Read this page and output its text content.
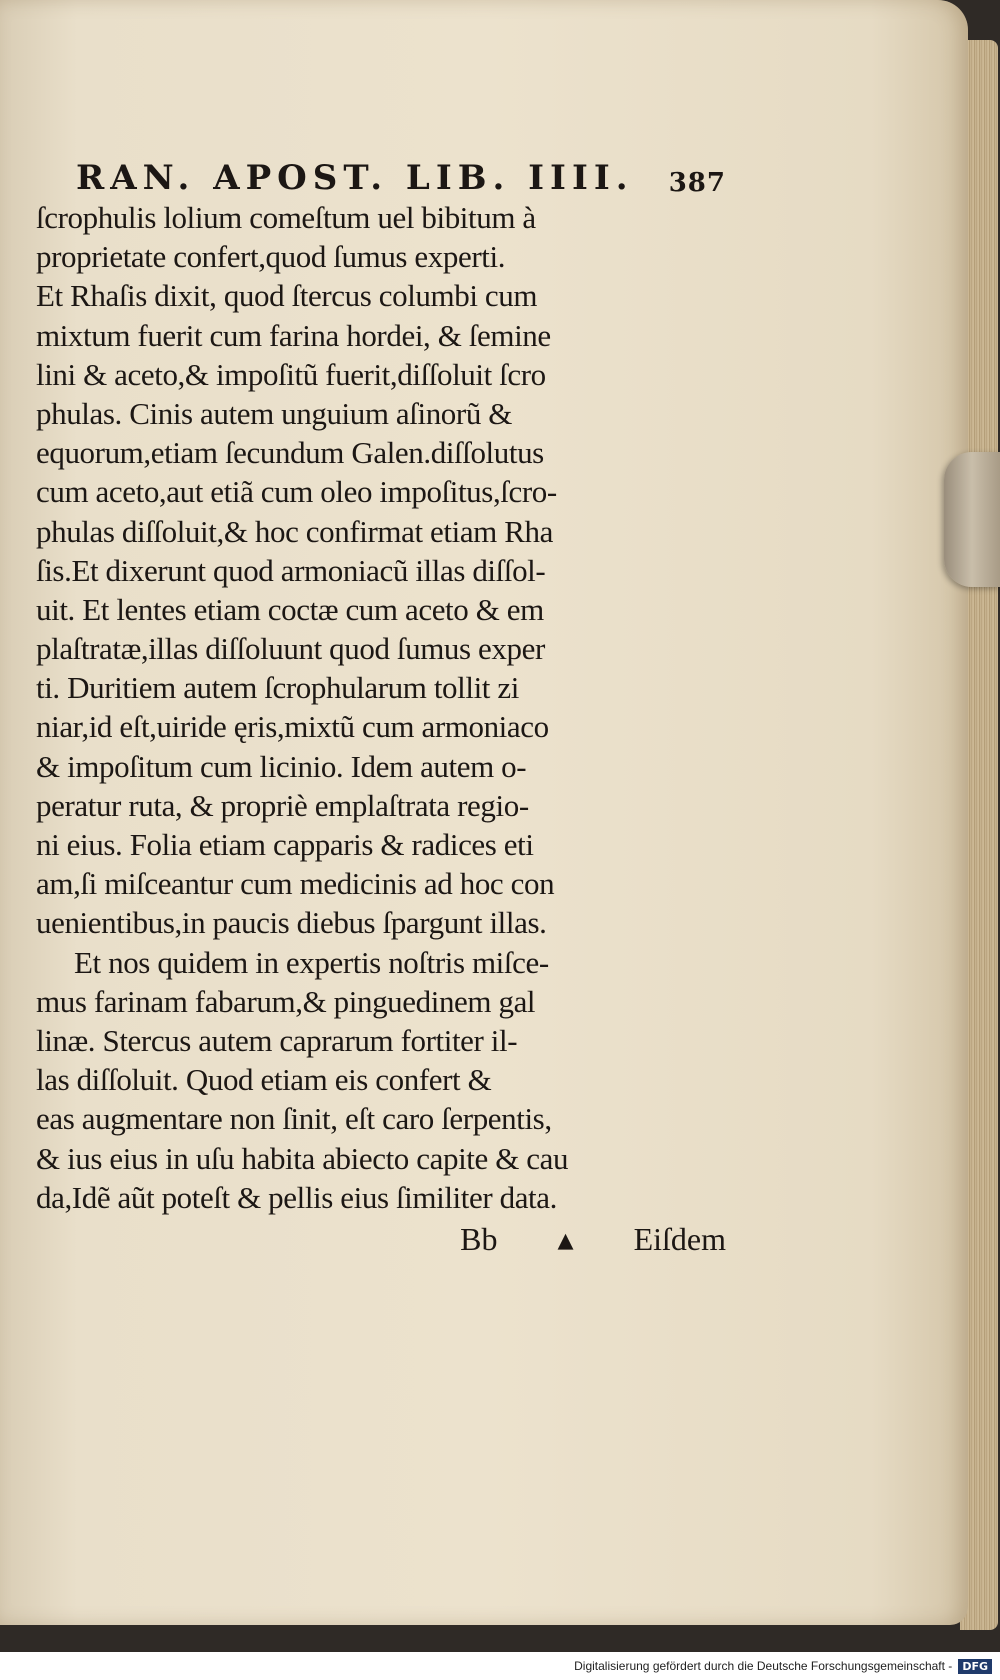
RAN. APOST. LIB. IIII. 387
ſcrophulis lolium comeſtum uel bibitum à
proprietate confert,quod ſumus experti.
Et Rhaſis dixit, quod ſtercus columbi cum
mixtum fuerit cum farina hordei, & ſemine
lini & aceto,& impoſitũ fuerit,diſſoluit ſcro
phulas. Cinis autem unguium aſinorũ &
equorum,etiam ſecundum Galen.diſſolutus
cum aceto,aut etiã cum oleo impoſitus,ſcro-
phulas diſſoluit,& hoc confirmat etiam Rha
ſis.Et dixerunt quod armoniacũ illas diſſol-
uit. Et lentes etiam coctæ cum aceto & em
plaſtratæ,illas diſſoluunt quod ſumus exper
ti. Duritiem autem ſcrophularum tollit zi
niar,id eſt,uiride ęris,mixtũ cum armoniaco
& impoſitum cum licinio. Idem autem o-
peratur ruta, & propriè emplaſtrata regio-
ni eius. Folia etiam capparis & radices eti
am,ſi miſceantur cum medicinis ad hoc con
uenientibus,in paucis diebus ſpargunt illas.
Et nos quidem in expertis noſtris miſce-
mus farinam fabarum,& pinguedinem gal
linæ. Stercus autem caprarum fortiter il-
las diſſoluit. Quod etiam eis confert &
eas augmentare non ſinit, eſt caro ſerpentis,
& ius eius in uſu habita abiecto capite & cau
da,Idẽ aũt poteſt & pellis eius ſimiliter data.
Bb ▴ Eiſdem
Digitalisierung gefördert durch die Deutsche Forschungsgemeinschaft - DFG
